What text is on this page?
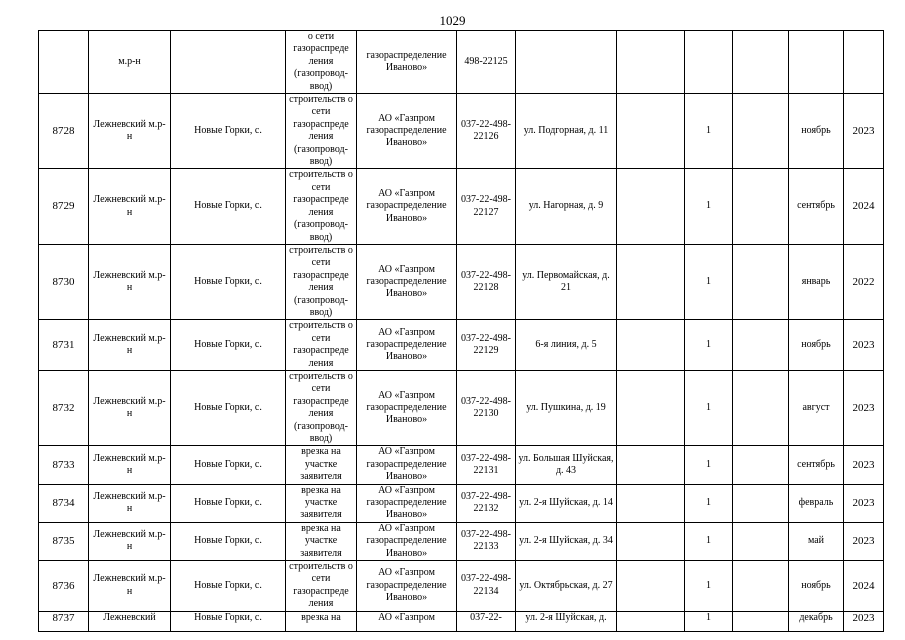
1029
	м.р-н		о сети газораспреде ления (газопровод-ввод)	газораспределение Иваново»	498-22125						
8728	Лежневский м.р-н	Новые Горки, с.	строительств о сети газораспреде ления (газопровод-ввод)	АО «Газпром газораспределение Иваново»	037-22-498-22126	ул. Подгорная, д. 11		1		ноябрь	2023
8729	Лежневский м.р-н	Новые Горки, с.	строительств о сети газораспреде ления (газопровод-ввод)	АО «Газпром газораспределение Иваново»	037-22-498-22127	ул. Нагорная, д. 9		1		сентябрь	2024
8730	Лежневский м.р-н	Новые Горки, с.	строительств о сети газораспреде ления (газопровод-ввод)	АО «Газпром газораспределение Иваново»	037-22-498-22128	ул. Первомайская, д. 21		1		январь	2022
8731	Лежневский м.р-н	Новые Горки, с.	строительств о сети газораспреде ления	АО «Газпром газораспределение Иваново»	037-22-498-22129	6-я линия, д. 5		1		ноябрь	2023
8732	Лежневский м.р-н	Новые Горки, с.	строительств о сети газораспреде ления (газопровод-ввод)	АО «Газпром газораспределение Иваново»	037-22-498-22130	ул. Пушкина, д. 19		1		август	2023
8733	Лежневский м.р-н	Новые Горки, с.	врезка на участке заявителя	АО «Газпром газораспределение Иваново»	037-22-498-22131	ул. Большая Шуйская, д. 43		1		сентябрь	2023
8734	Лежневский м.р-н	Новые Горки, с.	врезка на участке заявителя	АО «Газпром газораспределение Иваново»	037-22-498-22132	ул. 2-я Шуйская, д. 14		1		февраль	2023
8735	Лежневский м.р-н	Новые Горки, с.	врезка на участке заявителя	АО «Газпром газораспределение Иваново»	037-22-498-22133	ул. 2-я Шуйская, д. 34		1		май	2023
8736	Лежневский м.р-н	Новые Горки, с.	строительств о сети газораспреде ления	АО «Газпром газораспределение Иваново»	037-22-498-22134	ул. Октябрьская, д. 27		1		ноябрь	2024
8737	Лежневский	Новые Горки, с.	врезка на	АО «Газпром	037-22-	ул. 2-я Шуйская, д.		1		декабрь	2023
